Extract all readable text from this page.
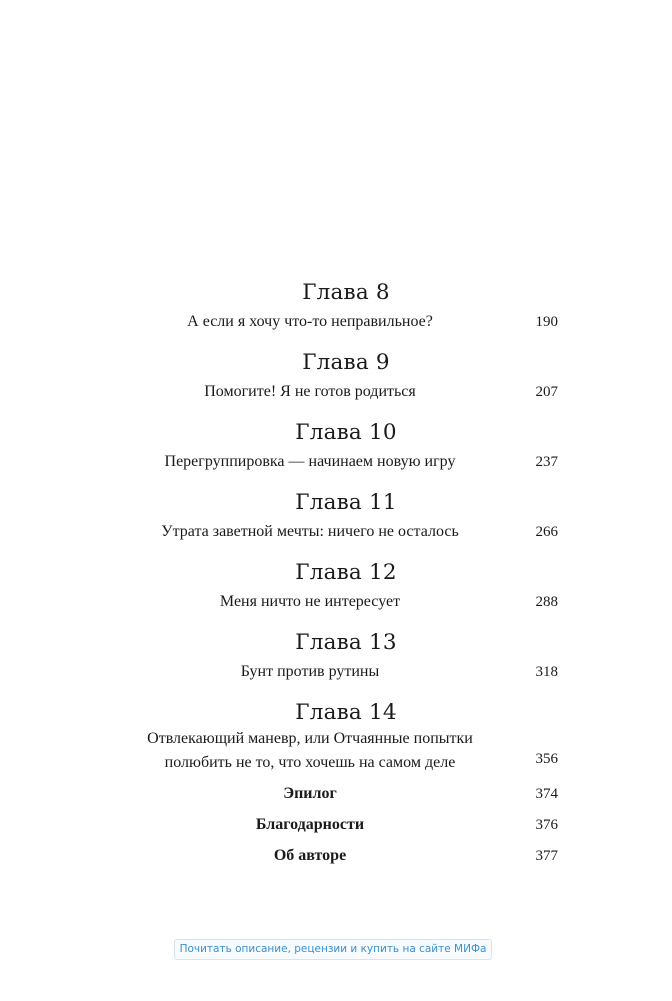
Глава 8
А если я хочу что-то неправильное?	190
Глава 9
Помогите! Я не готов родиться	207
Глава 10
Перегруппировка — начинаем новую игру	237
Глава 11
Утрата заветной мечты: ничего не осталось	266
Глава 12
Меня ничто не интересует	288
Глава 13
Бунт против рутины	318
Глава 14
Отвлекающий маневр, или Отчаянные попытки
полюбить не то, что хочешь на самом деле	356
Эпилог	374
Благодарности	376
Об авторе	377
Почитать описание, рецензии и купить на сайте МИФа
